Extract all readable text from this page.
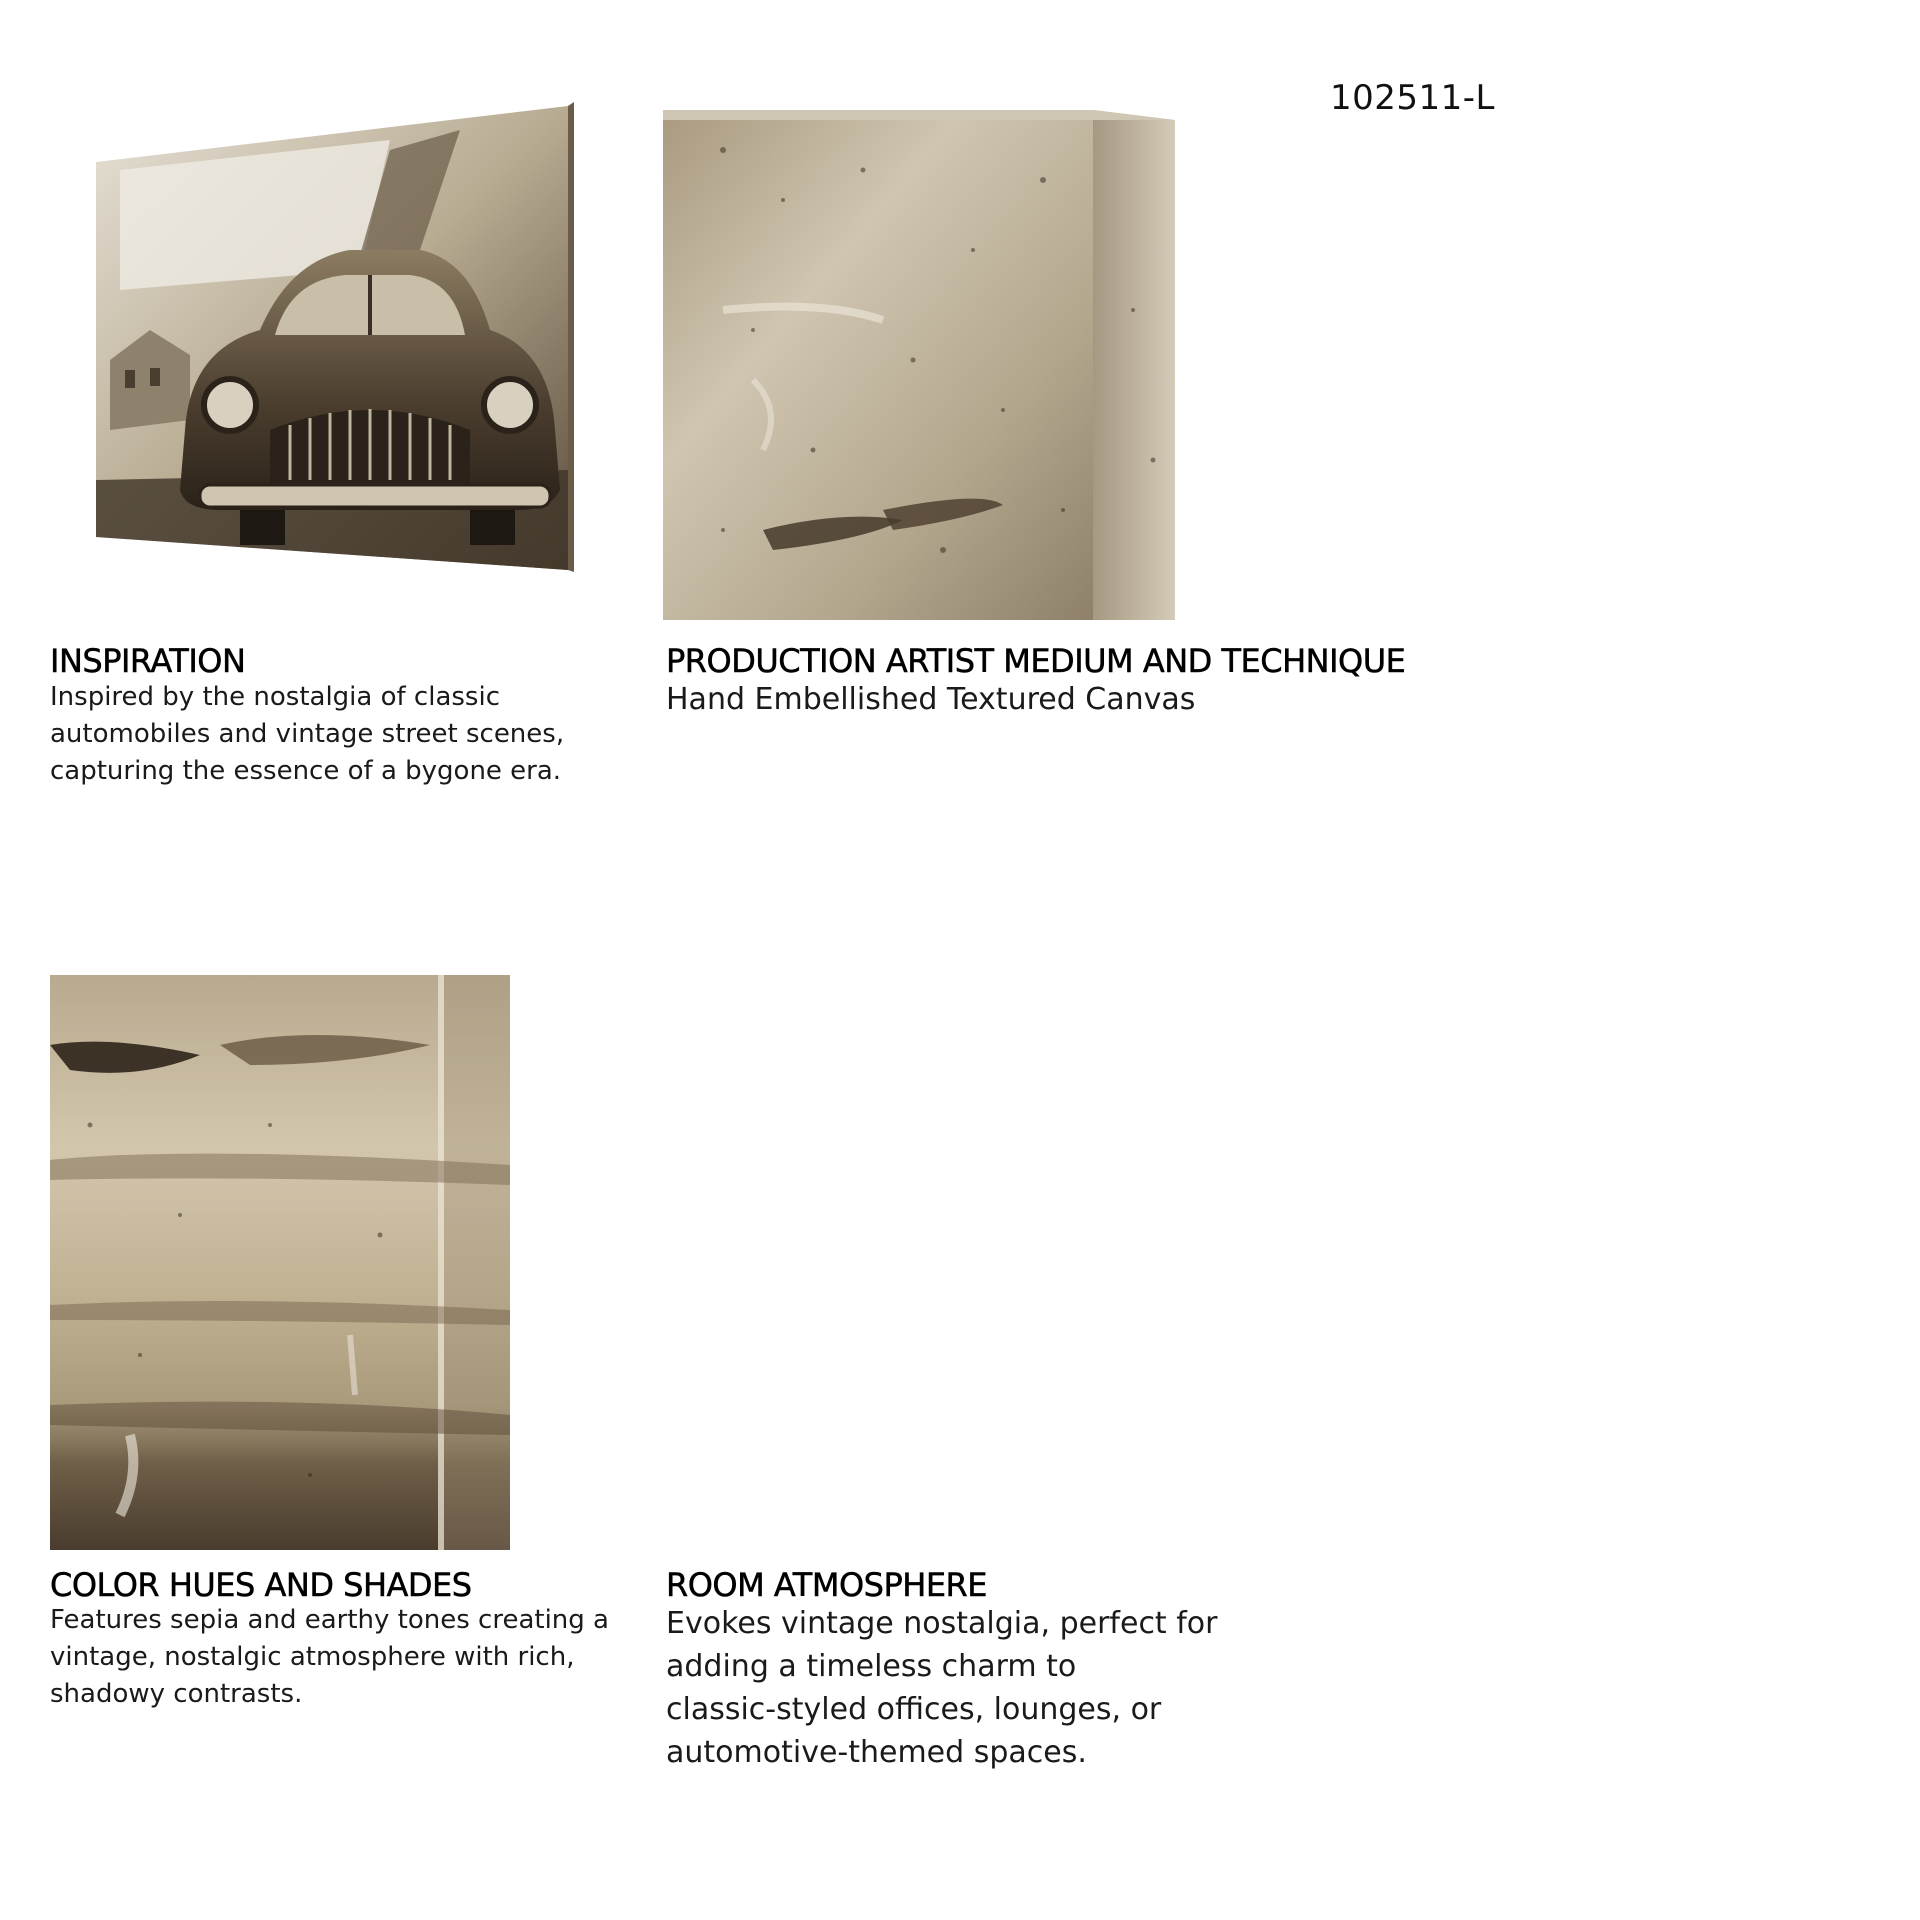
102511-L
INSPIRATION
Inspired by the nostalgia of classic
automobiles and vintage street scenes,
capturing the essence of a bygone era.
PRODUCTION ARTIST MEDIUM AND TECHNIQUE
Hand Embellished Textured Canvas
COLOR HUES AND SHADES
Features sepia and earthy tones creating a
vintage, nostalgic atmosphere with rich,
shadowy contrasts.
ROOM ATMOSPHERE
Evokes vintage nostalgia, perfect for
adding a timeless charm to
classic-styled offices, lounges, or
automotive-themed spaces.
